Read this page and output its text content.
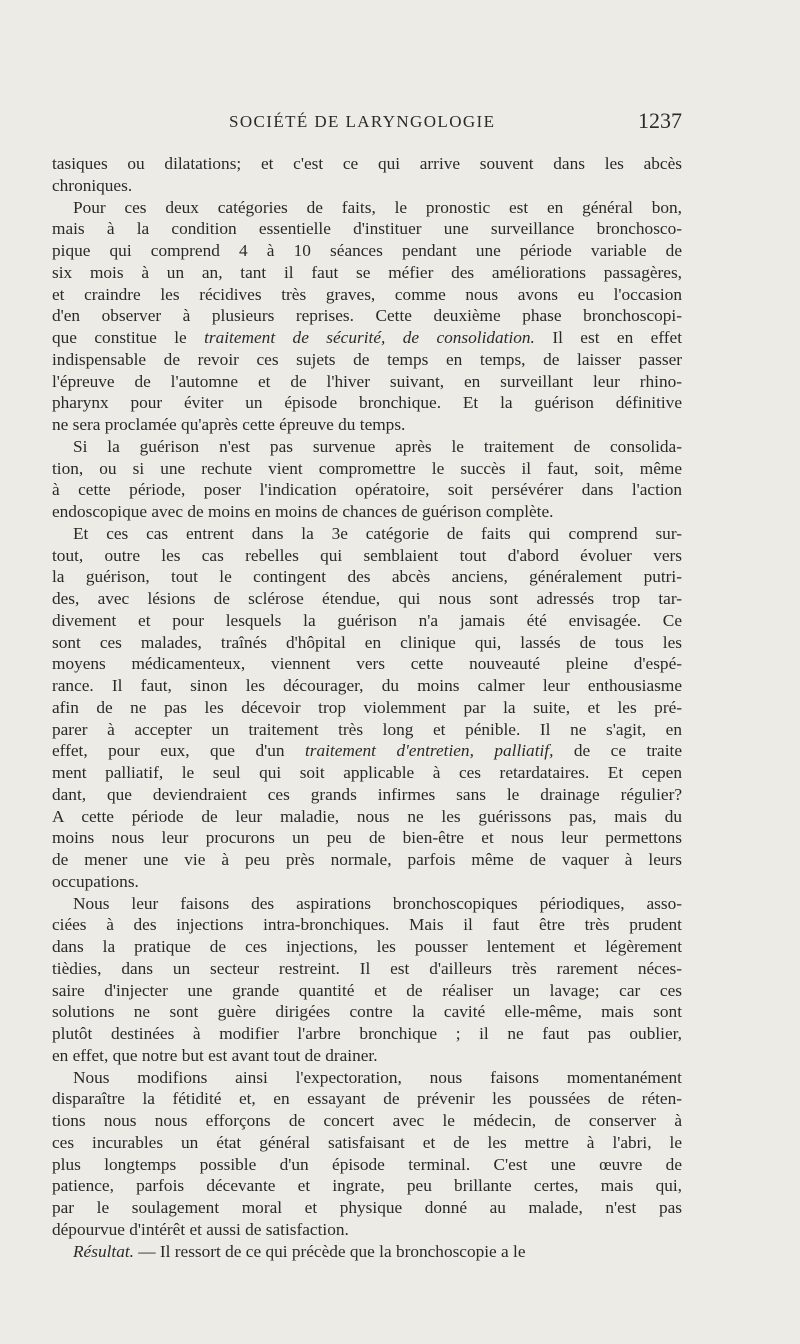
SOCIÉTÉ DE LARYNGOLOGIE	1237
tasiques ou dilatations; et c'est ce qui arrive souvent dans les abcès
chroniques.
Pour ces deux catégories de faits, le pronostic est en général bon,
mais à la condition essentielle d'instituer une surveillance bronchosco-
pique qui comprend 4 à 10 séances pendant une période variable de
six mois à un an, tant il faut se méfier des améliorations passagères,
et craindre les récidives très graves, comme nous avons eu l'occasion
d'en observer à plusieurs reprises. Cette deuxième phase bronchoscopi-
que constitue le traitement de sécurité, de consolidation. Il est en effet
indispensable de revoir ces sujets de temps en temps, de laisser passer
l'épreuve de l'automne et de l'hiver suivant, en surveillant leur rhino-
pharynx pour éviter un épisode bronchique. Et la guérison définitive
ne sera proclamée qu'après cette épreuve du temps.
Si la guérison n'est pas survenue après le traitement de consolida-
tion, ou si une rechute vient compromettre le succès il faut, soit, même
à cette période, poser l'indication opératoire, soit persévérer dans l'action
endoscopique avec de moins en moins de chances de guérison complète.
Et ces cas entrent dans la 3e catégorie de faits qui comprend sur-
tout, outre les cas rebelles qui semblaient tout d'abord évoluer vers
la guérison, tout le contingent des abcès anciens, généralement putri-
des, avec lésions de sclérose étendue, qui nous sont adressés trop tar-
divement et pour lesquels la guérison n'a jamais été envisagée. Ce
sont ces malades, traînés d'hôpital en clinique qui, lassés de tous les
moyens médicamenteux, viennent vers cette nouveauté pleine d'espé-
rance. Il faut, sinon les décourager, du moins calmer leur enthousiasme
afin de ne pas les décevoir trop violemment par la suite, et les pré-
parer à accepter un traitement très long et pénible. Il ne s'agit, en
effet, pour eux, que d'un traitement d'entretien, palliatif, de ce traite
ment palliatif, le seul qui soit applicable à ces retardataires. Et cepen
dant, que deviendraient ces grands infirmes sans le drainage régulier?
A cette période de leur maladie, nous ne les guérissons pas, mais du
moins nous leur procurons un peu de bien-être et nous leur permettons
de mener une vie à peu près normale, parfois même de vaquer à leurs
occupations.
Nous leur faisons des aspirations bronchoscopiques périodiques, asso-
ciées à des injections intra-bronchiques. Mais il faut être très prudent
dans la pratique de ces injections, les pousser lentement et légèrement
tièdies, dans un secteur restreint. Il est d'ailleurs très rarement néces-
saire d'injecter une grande quantité et de réaliser un lavage; car ces
solutions ne sont guère dirigées contre la cavité elle-même, mais sont
plutôt destinées à modifier l'arbre bronchique ; il ne faut pas oublier,
en effet, que notre but est avant tout de drainer.
Nous modifions ainsi l'expectoration, nous faisons momentanément
disparaître la fétidité et, en essayant de prévenir les poussées de réten-
tions nous nous efforçons de concert avec le médecin, de conserver à
ces incurables un état général satisfaisant et de les mettre à l'abri, le
plus longtemps possible d'un épisode terminal. C'est une œuvre de
patience, parfois décevante et ingrate, peu brillante certes, mais qui,
par le soulagement moral et physique donné au malade, n'est pas
dépourvue d'intérêt et aussi de satisfaction.
Résultat. — Il ressort de ce qui précède que la bronchoscopie a le
